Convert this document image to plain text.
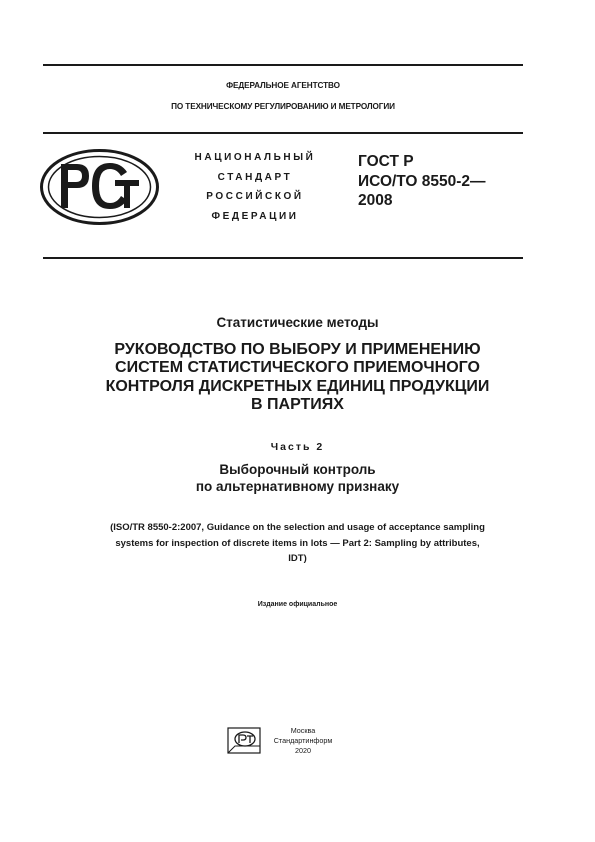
ФЕДЕРАЛЬНОЕ АГЕНТСТВО
ПО ТЕХНИЧЕСКОМУ РЕГУЛИРОВАНИЮ И МЕТРОЛОГИИ
НАЦИОНАЛЬНЫЙ
СТАНДАРТ
РОССИЙСКОЙ
ФЕДЕРАЦИИ
ГОСТ Р
ИСО/ТО 8550-2—
2008
Статистические методы
РУКОВОДСТВО ПО ВЫБОРУ И ПРИМЕНЕНИЮ
СИСТЕМ СТАТИСТИЧЕСКОГО ПРИЕМОЧНОГО
КОНТРОЛЯ ДИСКРЕТНЫХ ЕДИНИЦ ПРОДУКЦИИ
В ПАРТИЯХ
Часть 2
Выборочный контроль
по альтернативному признаку
(ISO/TR 8550-2:2007, Guidance on the selection and usage of acceptance sampling
systems for inspection of discrete items in lots — Part 2: Sampling by attributes,
IDT)
Издание официальное
Москва
Стандартинформ
2020
